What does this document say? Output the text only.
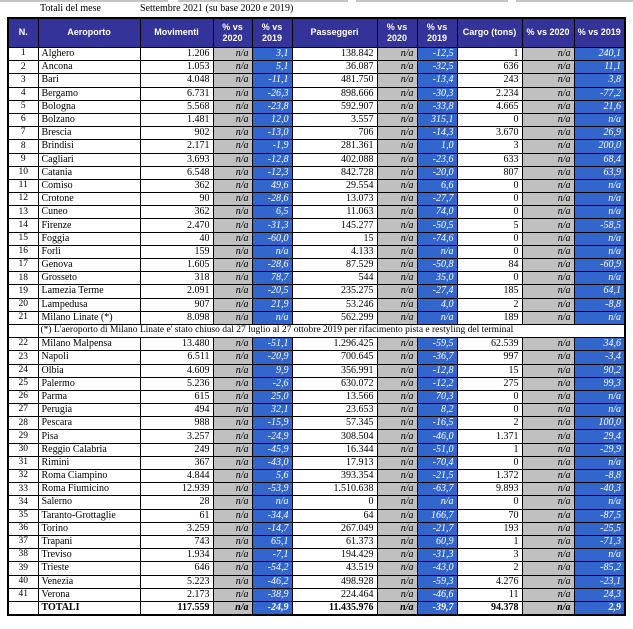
Totali del mese	Settembre 2021 (su base 2020 e 2019)
N.	Aeroporto	Movimenti	% vs 2020	% vs 2019	Passeggeri	% vs 2020	% vs 2019	Cargo (tons)	% vs 2020	% vs 2019
1	Alghero	1.206	n/a	3,1	138.842	n/a	-12,5	1	n/a	240,1
2	Ancona	1.053	n/a	5,1	36.087	n/a	-32,5	636	n/a	11,1
3	Bari	4.048	n/a	-11,1	481.750	n/a	-13,4	243	n/a	3,8
4	Bergamo	6.731	n/a	-26,3	898.666	n/a	-30,3	2.234	n/a	-77,2
5	Bologna	5.568	n/a	-23,8	592.907	n/a	-33,8	4.665	n/a	21,6
6	Bolzano	1.481	n/a	12,0	3.557	n/a	315,1	0	n/a	n/a
7	Brescia	902	n/a	-13,0	706	n/a	-14,3	3.670	n/a	26,9
8	Brindisi	2.171	n/a	-1,9	281.361	n/a	1,0	3	n/a	200,0
9	Cagliari	3.693	n/a	-12,8	402.088	n/a	-23,6	633	n/a	68,4
10	Catania	6.548	n/a	-12,3	842.728	n/a	-20,0	807	n/a	63,9
11	Comiso	362	n/a	49,6	29.554	n/a	6,6	0	n/a	n/a
12	Crotone	90	n/a	-28,6	13.073	n/a	-27,7	0	n/a	n/a
13	Cuneo	362	n/a	6,5	11.063	n/a	74,0	0	n/a	n/a
14	Firenze	2.470	n/a	-31,3	145.277	n/a	-50,5	5	n/a	-58,5
15	Foggia	40	n/a	-60,0	15	n/a	-74,6	0	n/a	n/a
16	Forlì	159	n/a	n/a	4.133	n/a	n/a	0	n/a	n/a
17	Genova	1.605	n/a	-28,6	87.529	n/a	-50,8	84	n/a	-60,9
18	Grosseto	318	n/a	78,7	544	n/a	35,0	0	n/a	n/a
19	Lamezia Terme	2.091	n/a	-20,5	235.275	n/a	-27,4	185	n/a	64,1
20	Lampedusa	907	n/a	21,9	53.246	n/a	4,0	2	n/a	-8,8
21	Milano Linate (*)	8.098	n/a	n/a	562.299	n/a	n/a	189	n/a	n/a
	(*) L'aeroporto di Milano Linate e' stato chiuso dal 27 luglio al 27 ottobre 2019 per rifacimento pista e restyling del terminal									
22	Milano Malpensa	13.480	n/a	-51,1	1.296.425	n/a	-59,5	62.539	n/a	34,6
23	Napoli	6.511	n/a	-20,9	700.645	n/a	-36,7	997	n/a	-3,4
24	Olbia	4.609	n/a	9,9	356.991	n/a	-12,8	15	n/a	90,2
25	Palermo	5.236	n/a	-2,6	630.072	n/a	-12,2	275	n/a	99,3
26	Parma	615	n/a	25,0	13.566	n/a	70,3	0	n/a	n/a
27	Perugia	494	n/a	32,1	23.653	n/a	8,2	0	n/a	n/a
28	Pescara	988	n/a	-15,9	57.345	n/a	-16,5	2	n/a	100,0
29	Pisa	3.257	n/a	-24,9	308.504	n/a	-46,0	1.371	n/a	29,4
30	Reggio Calabria	249	n/a	-45,9	16.344	n/a	-51,0	1	n/a	-29,9
31	Rimini	367	n/a	-43,0	17.913	n/a	-70,4	0	n/a	n/a
32	Roma Ciampino	4.844	n/a	5,6	393.354	n/a	-21,5	1.372	n/a	-8,8
33	Roma Fiumicino	12.939	n/a	-53,9	1.510.638	n/a	-63,7	9.893	n/a	-40,3
34	Salerno	28	n/a	n/a	0	n/a	n/a	0	n/a	n/a
35	Taranto-Grottaglie	61	n/a	-34,4	64	n/a	166,7	70	n/a	-87,5
36	Torino	3.259	n/a	-14,7	267.049	n/a	-21,7	193	n/a	-25,5
37	Trapani	743	n/a	65,1	61.373	n/a	60,9	1	n/a	-71,3
38	Treviso	1.934	n/a	-7,1	194.429	n/a	-31,3	3	n/a	n/a
39	Trieste	646	n/a	-54,2	43.519	n/a	-43,0	2	n/a	-85,2
40	Venezia	5.223	n/a	-46,2	498.928	n/a	-59,3	4.276	n/a	-23,1
41	Verona	2.173	n/a	-38,9	224.464	n/a	-46,6	11	n/a	24,3
	TOTALI	117.559	n/a	-24,9	11.435.976	n/a	-39,7	94.378	n/a	2,9
